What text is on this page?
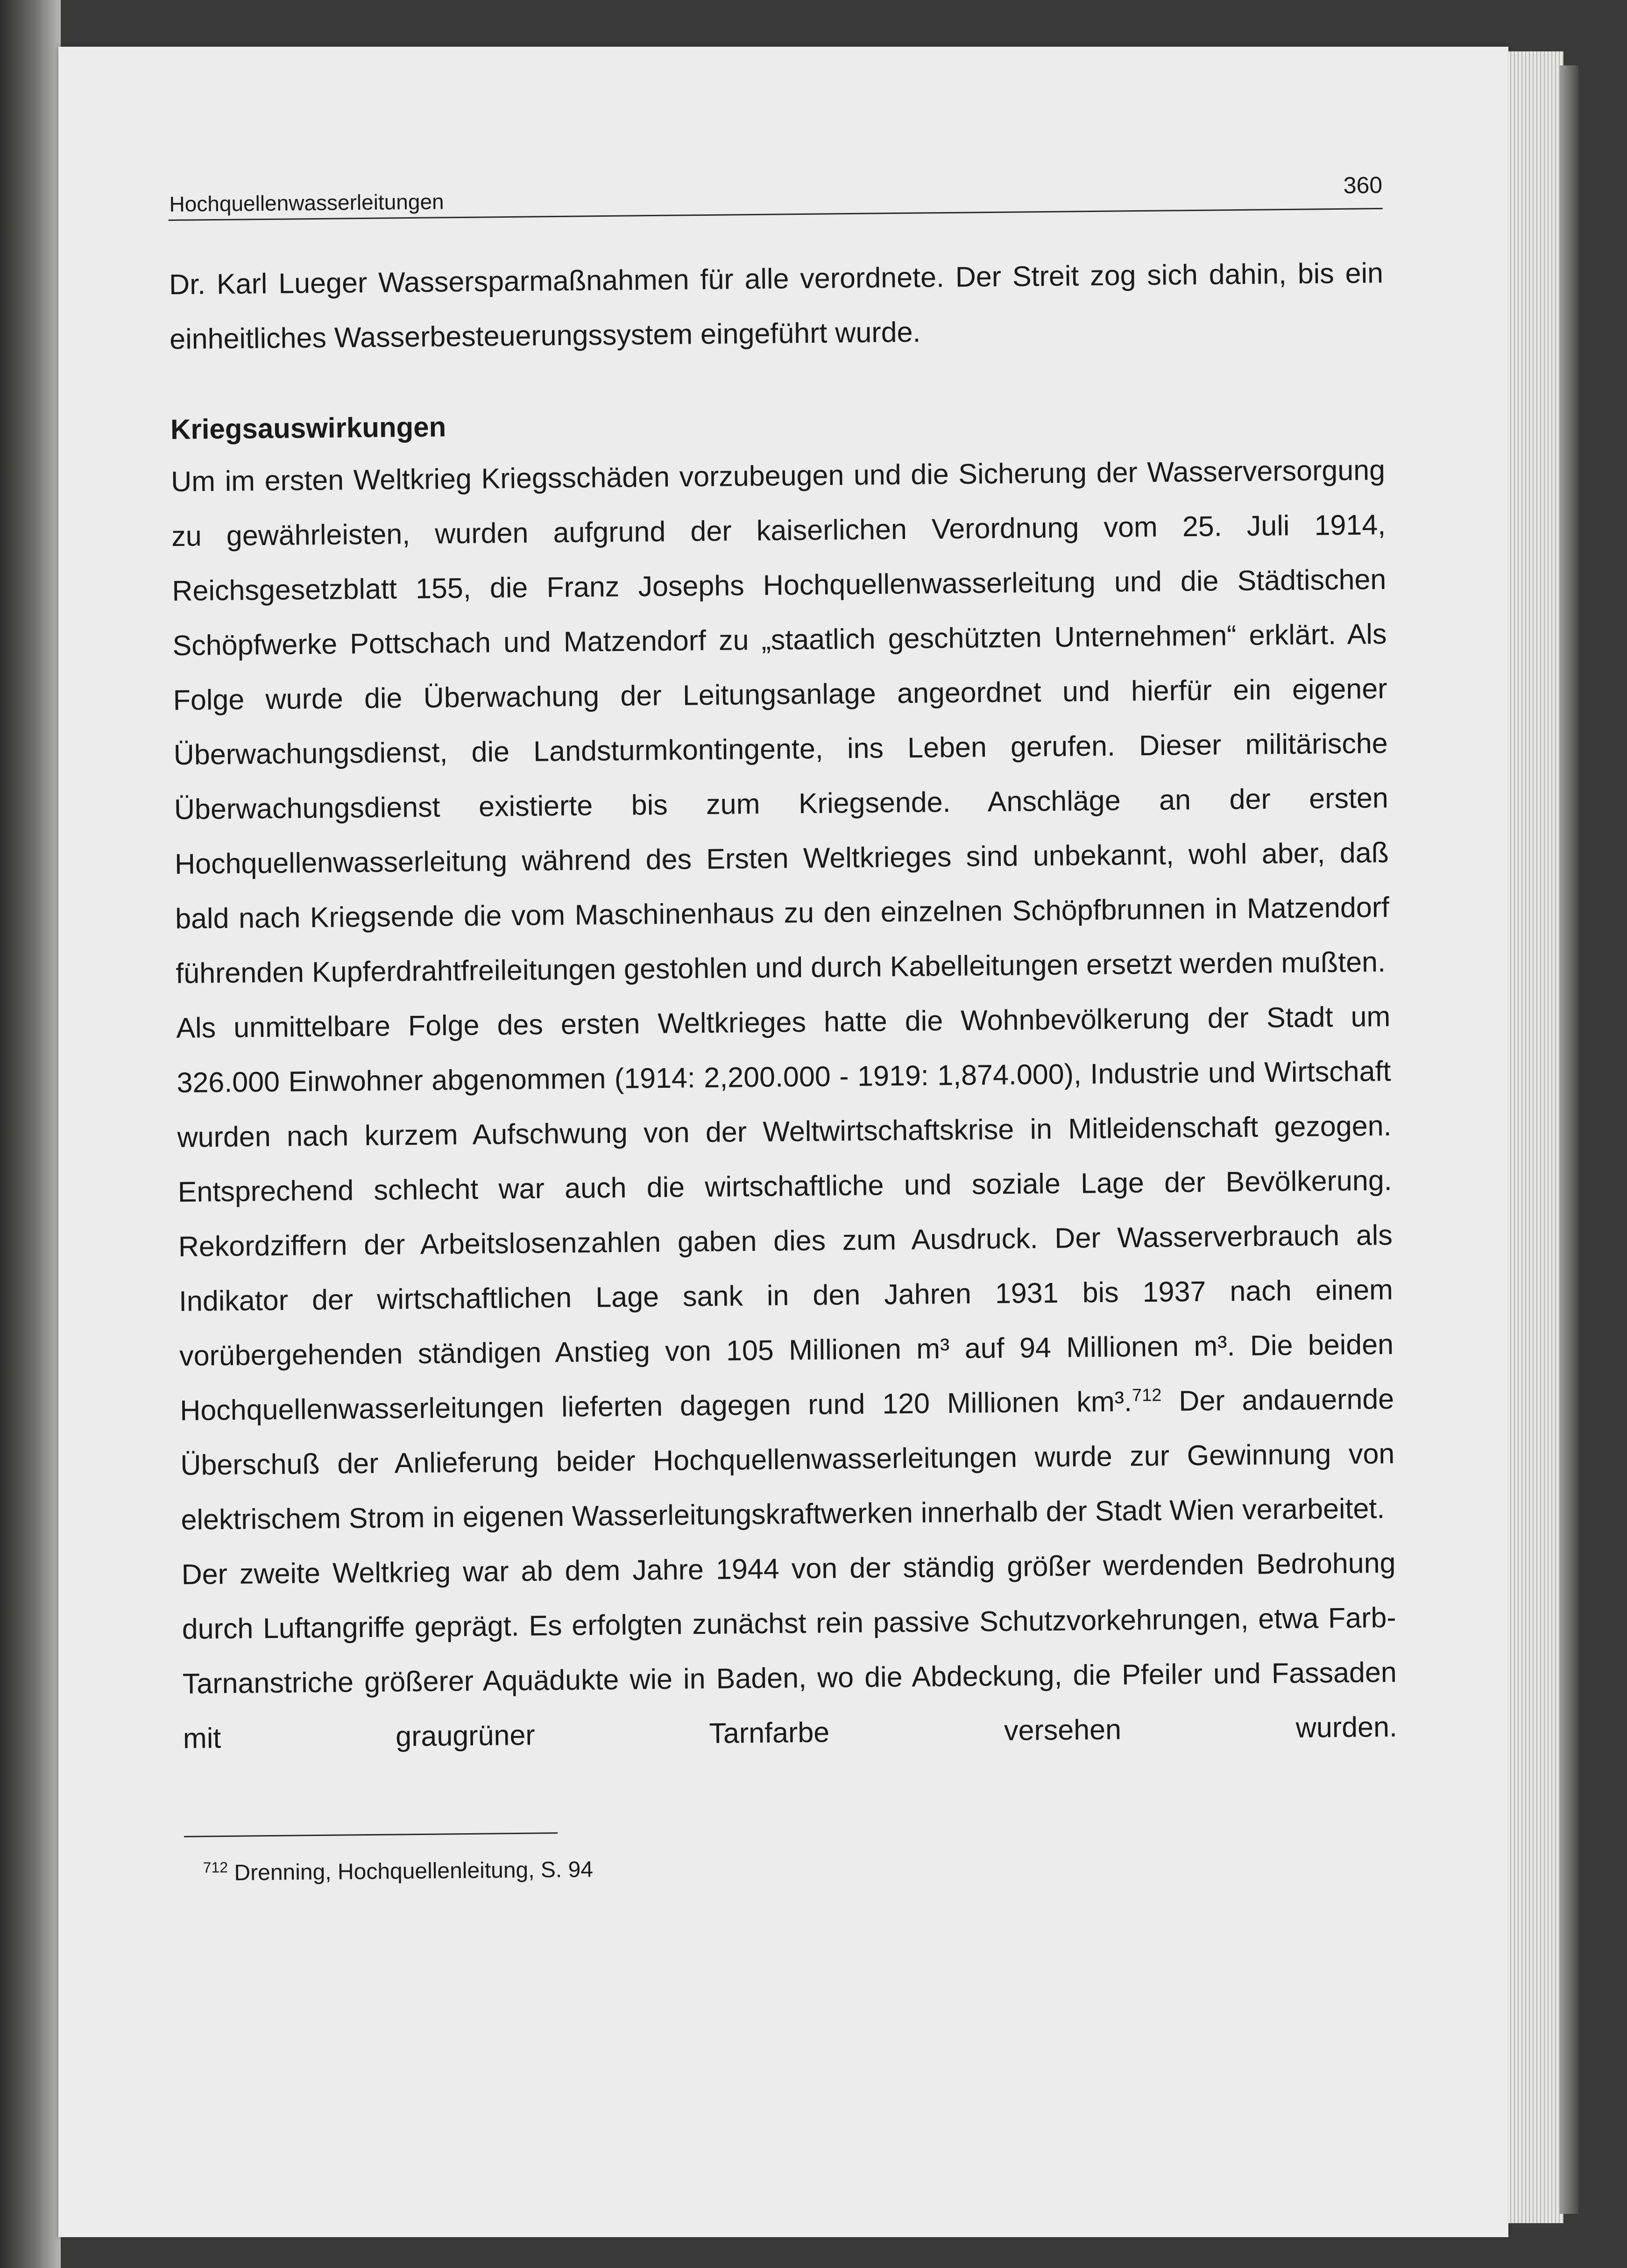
Hochquellenwasserleitungen
360

Dr. Karl Lueger Wassersparmaßnahmen für alle verordnete. Der Streit zog sich dahin, bis ein einheitliches Wasserbesteuerungssystem eingeführt wurde.

Kriegsauswirkungen

Um im ersten Weltkrieg Kriegsschäden vorzubeugen und die Sicherung der Wasserversorgung zu gewährleisten, wurden aufgrund der kaiserlichen Verordnung vom 25. Juli 1914, Reichsgesetzblatt 155, die Franz Josephs Hochquellenwasserleitung und die Städtischen Schöpfwerke Pottschach und Matzendorf zu „staatlich geschützten Unternehmen“ erklärt. Als Folge wurde die Überwachung der Leitungsanlage angeordnet und hierfür ein eigener Überwachungsdienst, die Landsturmkontingente, ins Leben gerufen. Dieser militärische Überwachungsdienst existierte bis zum Kriegsende. Anschläge an der ersten Hochquellenwasserleitung während des Ersten Weltkrieges sind unbekannt, wohl aber, daß bald nach Kriegsende die vom Maschinenhaus zu den einzelnen Schöpfbrunnen in Matzendorf führenden Kupferdrahtfreileitungen gestohlen und durch Kabelleitungen ersetzt werden mußten.

Als unmittelbare Folge des ersten Weltkrieges hatte die Wohnbevölkerung der Stadt um 326.000 Einwohner abgenommen (1914: 2,200.000 - 1919: 1,874.000), Industrie und Wirtschaft wurden nach kurzem Aufschwung von der Weltwirtschaftskrise in Mitleidenschaft gezogen. Entsprechend schlecht war auch die wirtschaftliche und soziale Lage der Bevölkerung. Rekordziffern der Arbeitslosenzahlen gaben dies zum Ausdruck. Der Wasserverbrauch als Indikator der wirtschaftlichen Lage sank in den Jahren 1931 bis 1937 nach einem vorübergehenden ständigen Anstieg von 105 Millionen m³ auf 94 Millionen m³. Die beiden Hochquellenwasserleitungen lieferten dagegen rund 120 Millionen km³.$^{712}$ Der andauernde Überschuß der Anlieferung beider Hochquellenwasserleitungen wurde zur Gewinnung von elektrischem Strom in eigenen Wasserleitungskraftwerken innerhalb der Stadt Wien verarbeitet.

Der zweite Weltkrieg war ab dem Jahre 1944 von der ständig größer werdenden Bedrohung durch Luftangriffe geprägt. Es erfolgten zunächst rein passive Schutzvorkehrungen, etwa Farb-Tarnanstriche größerer Aquädukte wie in Baden, wo die Abdeckung, die Pfeiler und Fassaden mit graugrüner Tarnfarbe versehen wurden.

$^{712}$ Drenning, Hochquellenleitung, S. 94
